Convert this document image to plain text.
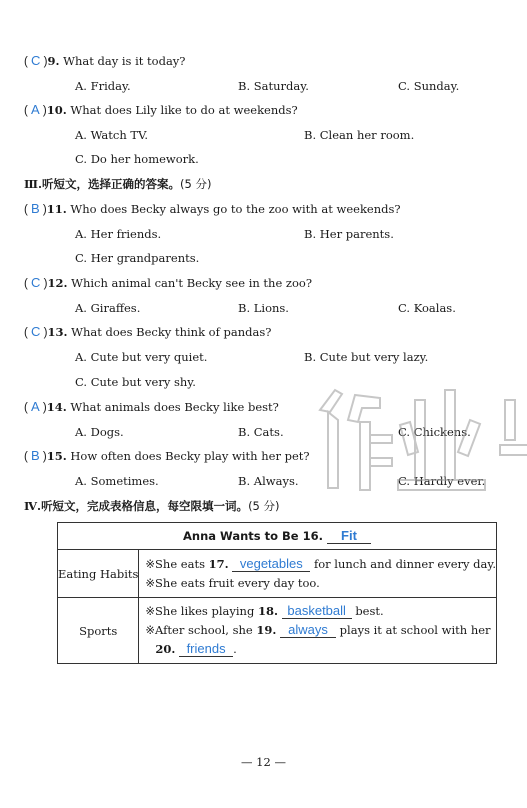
( C )9. What day is it today?
A. Friday.	B. Saturday.	C. Sunday.
( A )10. What does Lily like to do at weekends?
A. Watch TV.	B. Clean her room.
C. Do her homework.
Ⅲ.听短文，选择正确的答案。(5 分)
( B )11. Who does Becky always go to the zoo with at weekends?
A. Her friends.	B. Her parents.
C. Her grandparents.
( C )12. Which animal can't Becky see in the zoo?
A. Giraffes.	B. Lions.	C. Koalas.
( C )13. What does Becky think of pandas?
A. Cute but very quiet.	B. Cute but very lazy.
C. Cute but very shy.
( A )14. What animals does Becky like best?
A. Dogs.	B. Cats.	C. Chickens.
( B )15. How often does Becky play with her pet?
A. Sometimes.	B. Always.	C. Hardly ever.
Ⅳ.听短文，完成表格信息，每空限填一词。(5 分)
Anna Wants to Be 16. Fit	
Eating Habits	※She eats 17. vegetables for lunch and dinner every day.
※She eats fruit every day too.

Sports	※She likes playing 18. basketball best.
※After school, she 19. always plays it at school with her
20. friends .
— 12 —
